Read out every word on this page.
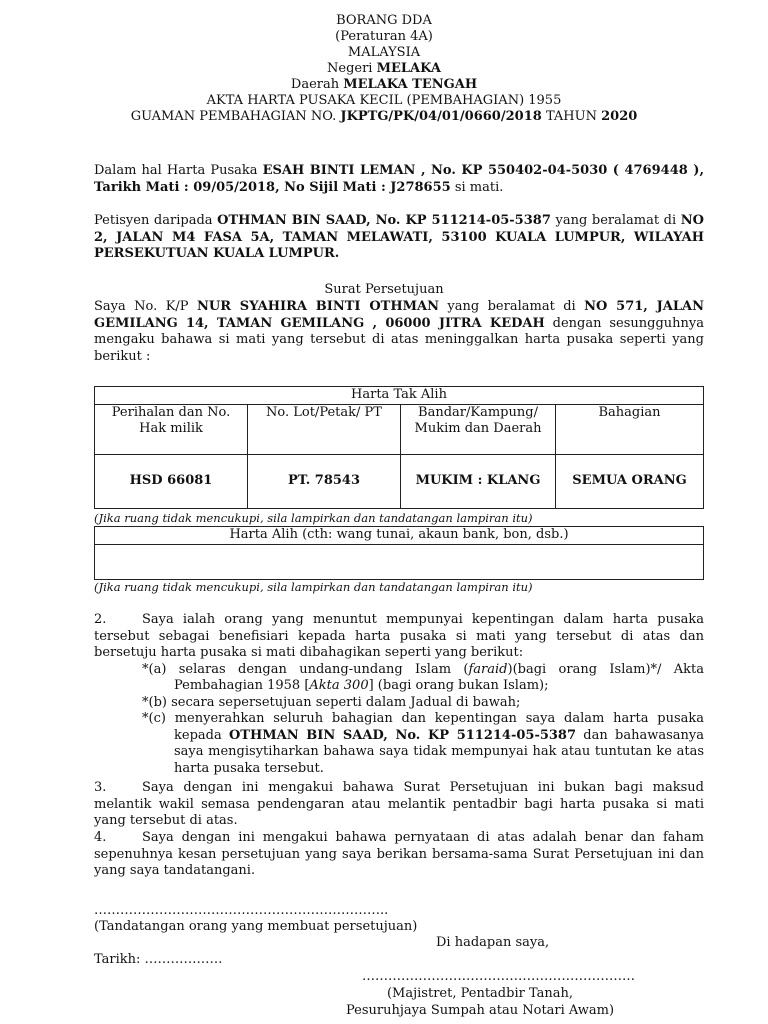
BORANG DDA
(Peraturan 4A)
MALAYSIA
Negeri MELAKA
Daerah MELAKA TENGAH
AKTA HARTA PUSAKA KECIL (PEMBAHAGIAN) 1955
GUAMAN PEMBAHAGIAN NO. JKPTG/PK/04/01/0660/2018 TAHUN 2020
Dalam hal Harta Pusaka ESAH BINTI LEMAN , No. KP 550402-04-5030 ( 4769448 ), Tarikh Mati : 09/05/2018, No Sijil Mati : J278655 si mati.
Petisyen daripada OTHMAN BIN SAAD, No. KP 511214-05-5387 yang beralamat di NO 2, JALAN M4 FASA 5A, TAMAN MELAWATI, 53100 KUALA LUMPUR, WILAYAH PERSEKUTUAN KUALA LUMPUR.
Surat Persetujuan
Saya No. K/P NUR SYAHIRA BINTI OTHMAN yang beralamat di NO 571, JALAN GEMILANG 14, TAMAN GEMILANG , 06000 JITRA KEDAH dengan sesungguhnya mengaku bahawa si mati yang tersebut di atas meninggalkan harta pusaka seperti yang berikut :
Harta Tak Alih			
Perihalan dan No. Hak milik	No. Lot/Petak/ PT	Bandar/Kampung/ Mukim dan Daerah	Bahagian
HSD 66081	PT. 78543	MUKIM : KLANG	SEMUA ORANG
(Jika ruang tidak mencukupi, sila lampirkan dan tandatangan lampiran itu)
Harta Alih (cth: wang tunai, akaun bank, bon, dsb.)

(Jika ruang tidak mencukupi, sila lampirkan dan tandatangan lampiran itu)
2.	Saya ialah orang yang menuntut mempunyai kepentingan dalam harta pusaka tersebut sebagai benefisiari kepada harta pusaka si mati yang tersebut di atas dan bersetuju harta pusaka si mati dibahagikan seperti yang berikut:
*(a) selaras dengan undang-undang Islam (faraid)(bagi orang Islam)*/ Akta Pembahagian 1958 [Akta 300] (bagi orang bukan Islam);
*(b) secara sepersetujuan seperti dalam Jadual di bawah;
*(c) menyerahkan seluruh bahagian dan kepentingan saya dalam harta pusaka kepada OTHMAN BIN SAAD, No. KP 511214-05-5387 dan bahawasanya saya mengisytiharkan bahawa saya tidak mempunyai hak atau tuntutan ke atas harta pusaka tersebut.
3.	Saya dengan ini mengakui bahawa Surat Persetujuan ini bukan bagi maksud melantik wakil semasa pendengaran atau melantik pentadbir bagi harta pusaka si mati yang tersebut di atas.
4.	Saya dengan ini mengakui bahawa pernyataan di atas adalah benar dan faham sepenuhnya kesan persetujuan yang saya berikan bersama-sama Surat Persetujuan ini dan yang saya tandatangani.
…………………………………………………………..
(Tandatangan orang yang membuat persetujuan)
Di hadapan saya,
Tarikh: ………………
………………………………………………………
(Majistret, Pentadbir Tanah,
Pesuruhjaya Sumpah atau Notari Awam)
